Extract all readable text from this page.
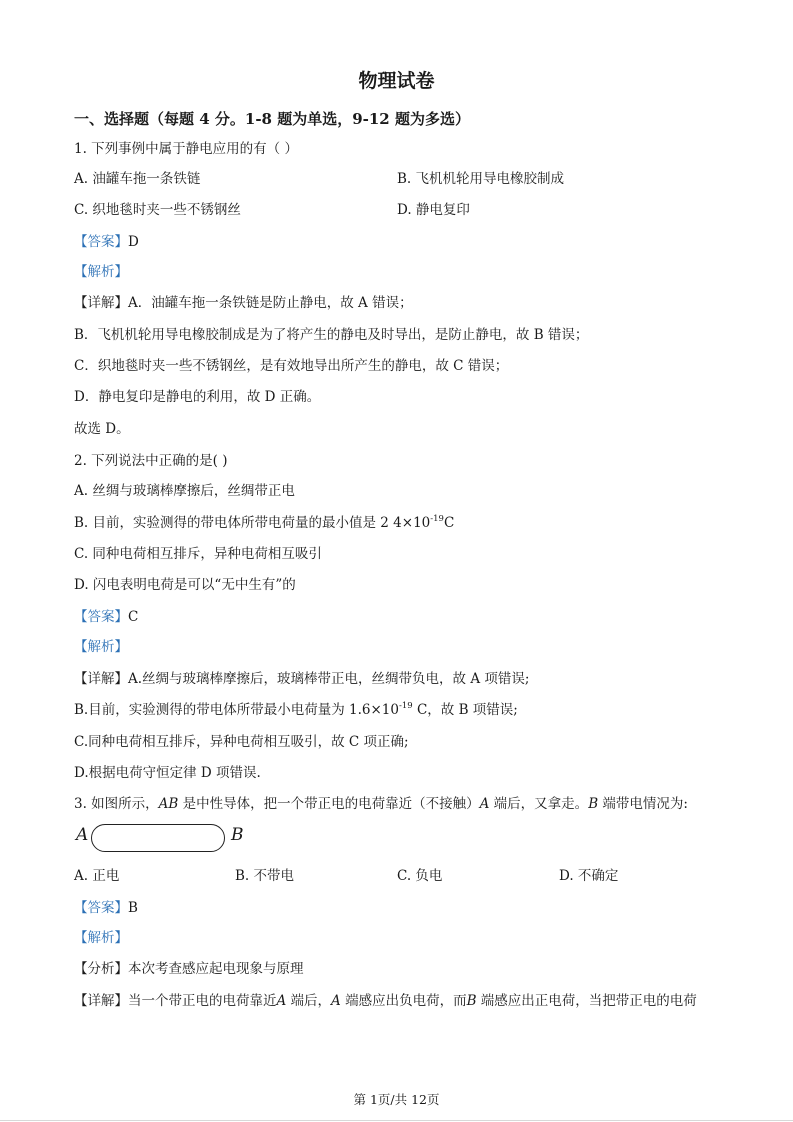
物理试卷
一、选择题（每题 4 分。1-8 题为单选，9-12 题为多选）
1. 下列事例中属于静电应用的有（ ）
A. 油罐车拖一条铁链	B. 飞机机轮用导电橡胶制成
C. 织地毯时夹一些不锈钢丝	D. 静电复印
【答案】D
【解析】
【详解】A．油罐车拖一条铁链是防止静电，故 A 错误；
B．飞机机轮用导电橡胶制成是为了将产生的静电及时导出，是防止静电，故 B 错误；
C．织地毯时夹一些不锈钢丝，是有效地导出所产生的静电，故 C 错误；
D．静电复印是静电的利用，故 D 正确。
故选 D。
2. 下列说法中正确的是( )
A. 丝绸与玻璃棒摩擦后，丝绸带正电
B. 目前，实验测得的带电体所带电荷量的最小值是 2 $4\times 10^{-19}C$
C. 同种电荷相互排斥，异种电荷相互吸引
D. 闪电表明电荷是可以“无中生有”的
【答案】C
【解析】
【详解】A.丝绸与玻璃棒摩擦后，玻璃棒带正电，丝绸带负电，故 A 项错误;
B.目前，实验测得的带电体所带最小电荷量为 $1.6\times 10^{-19}$ C，故 B 项错误;
C.同种电荷相互排斥，异种电荷相互吸引，故 C 项正确;
D.根据电荷守恒定律 D 项错误.
3. 如图所示，AB 是中性导体，把一个带正电的电荷靠近（不接触）A 端后，又拿走。B 端带电情况为:
A	B
A. 正电	B. 不带电	C. 负电	D. 不确定
【答案】B
【解析】
【分析】本次考查感应起电现象与原理
【详解】当一个带正电的电荷靠近A 端后，A 端感应出负电荷，而B 端感应出正电荷，当把带正电的电荷
第 1页/共 12页
